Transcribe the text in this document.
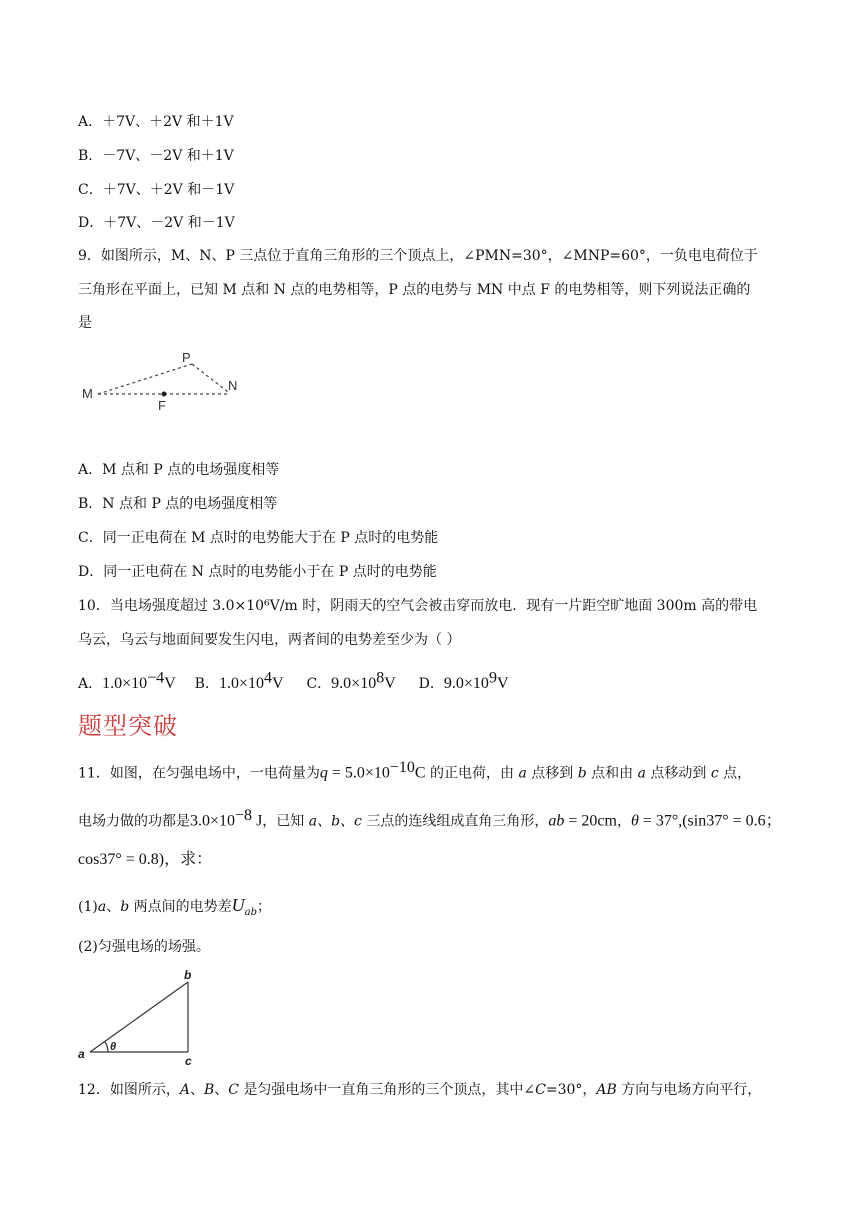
A．＋7V、＋2V 和＋1V
B．－7V、－2V 和＋1V
C．＋7V、＋2V 和－1V
D．＋7V、－2V 和－1V
9．如图所示，M、N、P 三点位于直角三角形的三个顶点上，∠PMN=30°，∠MNP=60°，一负电电荷位于
三角形在平面上，已知 M 点和 N 点的电势相等，P 点的电势与 MN 中点 F 的电势相等，则下列说法正确的
是
M
P
N
F
A．M 点和 P 点的电场强度相等
B．N 点和 P 点的电场强度相等
C．同一正电荷在 M 点时的电势能大于在 P 点时的电势能
D．同一正电荷在 N 点时的电势能小于在 P 点时的电势能
10．当电场强度超过 3.0×10⁶V/m 时，阴雨天的空气会被击穿而放电．现有一片距空旷地面 300m 高的带电
乌云，乌云与地面间要发生闪电，两者间的电势差至少为（ ）
A．$1.0\times 10^{-4}V$ B．$1.0\times 10^4V$ C．$9.0\times 10^8V$ D．$9.0\times 10^9V$
题型突破
11．如图，在匀强电场中，一电荷量为$q = 5.0\times 10^{-10}C$ 的正电荷，由 a 点移到 b 点和由 a 点移动到 c 点，
电场力做的功都是$3.0\times 10^{-8}$ J，已知 a、b、c 三点的连线组成直角三角形，ab = 20cm，θ = 37°,(sin37° = 0.6；
cos37° = 0.8)，求：
(1)a、b 两点间的电势差$U_{ab}$；
(2)匀强电场的场强。
b
a	c
θ
12．如图所示，A、B、C 是匀强电场中一直角三角形的三个顶点，其中∠C=30°，AB 方向与电场方向平行，
